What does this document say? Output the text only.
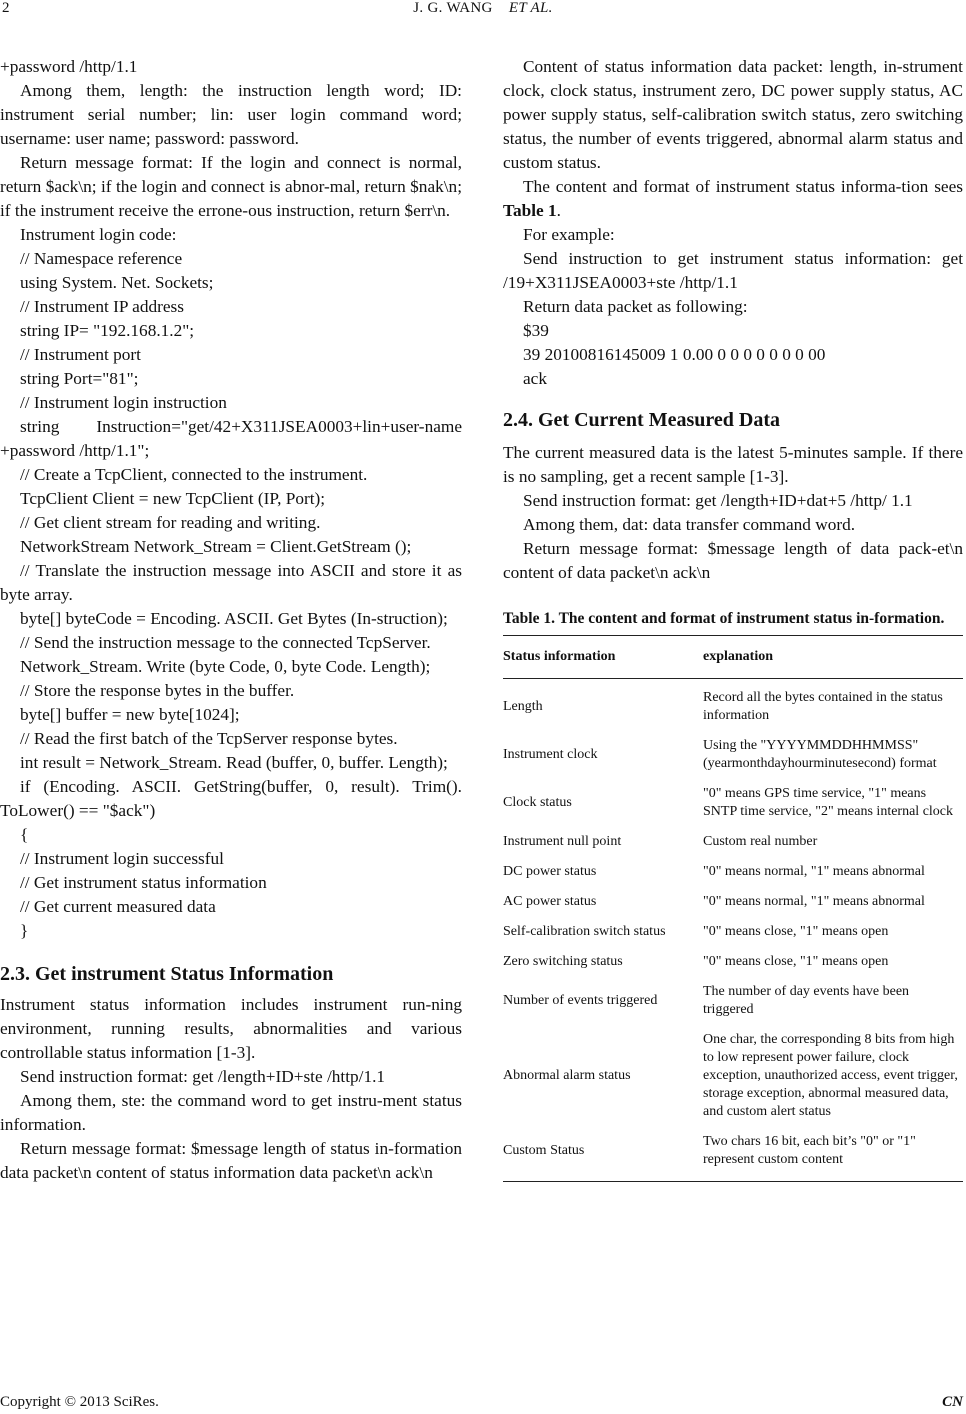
2	J. G. WANG ET AL.

+password /http/1.1

Among them, length: the instruction length word; ID: instrument serial number; lin: user login command word; username: user name; password: password.

Return message format: If the login and connect is normal, return $ack\n; if the login and connect is abnor-mal, return $nak\n; if the instrument receive the errone-ous instruction, return $err\n.

Instrument login code:

// Namespace reference

using System. Net. Sockets;

// Instrument IP address

string IP= "192.168.1.2";

// Instrument port

string Port="81";

// Instrument login instruction

string Instruction="get/42+X311JSEA0003+lin+user-name +password /http/1.1";

// Create a TcpClient, connected to the instrument.

TcpClient Client = new TcpClient (IP, Port);

// Get client stream for reading and writing.

NetworkStream Network_Stream = Client.GetStream ();

// Translate the instruction message into ASCII and store it as byte array.

byte[] byteCode = Encoding. ASCII. Get Bytes (In-struction);

// Send the instruction message to the connected TcpServer.

Network_Stream. Write (byte Code, 0, byte Code. Length);

// Store the response bytes in the buffer.

byte[] buffer = new byte[1024];

// Read the first batch of the TcpServer response bytes.

int result = Network_Stream. Read (buffer, 0, buffer. Length);

if (Encoding. ASCII. GetString(buffer, 0, result). Trim(). ToLower() == "$ack")

{

// Instrument login successful

// Get instrument status information

// Get current measured data

}

2.3. Get instrument Status Information

Instrument status information includes instrument run-ning environment, running results, abnormalities and various controllable status information [1-3].

Send instruction format: get /length+ID+ste /http/1.1

Among them, ste: the command word to get instru-ment status information.

Return message format: $message length of status in-formation data packet\n content of status information data packet\n ack\n

Content of status information data packet: length, in-strument clock, clock status, instrument zero, DC power supply status, AC power supply status, self-calibration switch status, zero switching status, the number of events triggered, abnormal alarm status and custom status.

The content and format of instrument status informa-tion sees Table 1.

For example:

Send instruction to get instrument status information: get /19+X311JSEA0003+ste /http/1.1

Return data packet as following:

$39

39 20100816145009 1 0.00 0 0 0 0 0 0 0 00

ack

2.4. Get Current Measured Data

The current measured data is the latest 5-minutes sample. If there is no sampling, get a recent sample [1-3].

Send instruction format: get /length+ID+dat+5 /http/ 1.1

Among them, dat: data transfer command word.

Return message format: $message length of data pack-et\n content of data packet\n ack\n

Table 1. The content and format of instrument status in-formation.
Status information	explanation
Length	Record all the bytes contained in the status information
Instrument clock	Using the "YYYYMMDDHHMMSS" (yearmonthdayhourminutesecond) format
Clock status	"0" means GPS time service, "1" means SNTP time service, "2" means internal clock
Instrument null point	Custom real number
DC power status	"0" means normal, "1" means abnormal
AC power status	"0" means normal, "1" means abnormal
Self-calibration switch status	"0" means close, "1" means open
Zero switching status	"0" means close, "1" means open
Number of events triggered	The number of day events have been triggered
Abnormal alarm status	One char, the corresponding 8 bits from high to low represent power failure, clock exception, unauthorized access, event trigger, storage exception, abnormal measured data, and custom alert status
Custom Status	Two chars 16 bit, each bit’s "0" or "1" represent custom content
Copyright © 2013 SciRes.	CN
